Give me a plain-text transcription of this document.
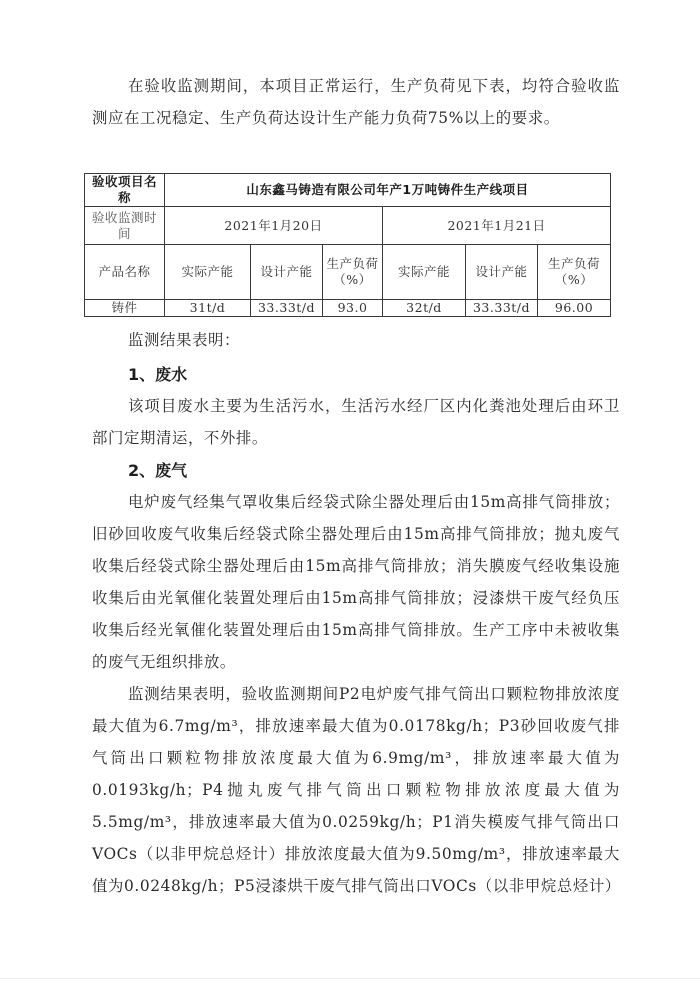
在验收监测期间，本项目正常运行，生产负荷见下表，均符合验收监测应在工况稳定、生产负荷达设计生产能力负荷75%以上的要求。

验收项目名称	山东鑫马铸造有限公司年产1万吨铸件生产线项目					
验收监测时间	2021年1月20日			2021年1月21日		
产品名称	实际产能	设计产能	生产负荷（%）	实际产能	设计产能	生产负荷（%）
铸件	31t/d	33.33t/d	93.0	32t/d	33.33t/d	96.00

监测结果表明：

1、废水

该项目废水主要为生活污水，生活污水经厂区内化粪池处理后由环卫部门定期清运，不外排。

2、废气

电炉废气经集气罩收集后经袋式除尘器处理后由15m高排气筒排放；旧砂回收废气收集后经袋式除尘器处理后由15m高排气筒排放；抛丸废气收集后经袋式除尘器处理后由15m高排气筒排放；消失膜废气经收集设施收集后由光氧催化装置处理后由15m高排气筒排放；浸漆烘干废气经负压收集后经光氧催化装置处理后由15m高排气筒排放。生产工序中未被收集的废气无组织排放。

监测结果表明，验收监测期间P2电炉废气排气筒出口颗粒物排放浓度最大值为6.7mg/m³，排放速率最大值为0.0178kg/h；P3砂回收废气排气筒出口颗粒物排放浓度最大值为6.9mg/m³，排放速率最大值为0.0193kg/h；P4抛丸废气排气筒出口颗粒物排放浓度最大值为5.5mg/m³，排放速率最大值为0.0259kg/h；P1消失模废气排气筒出口VOCs（以非甲烷总烃计）排放浓度最大值为9.50mg/m³，排放速率最大值为0.0248kg/h；P5浸漆烘干废气排气筒出口VOCs（以非甲烷总烃计）
